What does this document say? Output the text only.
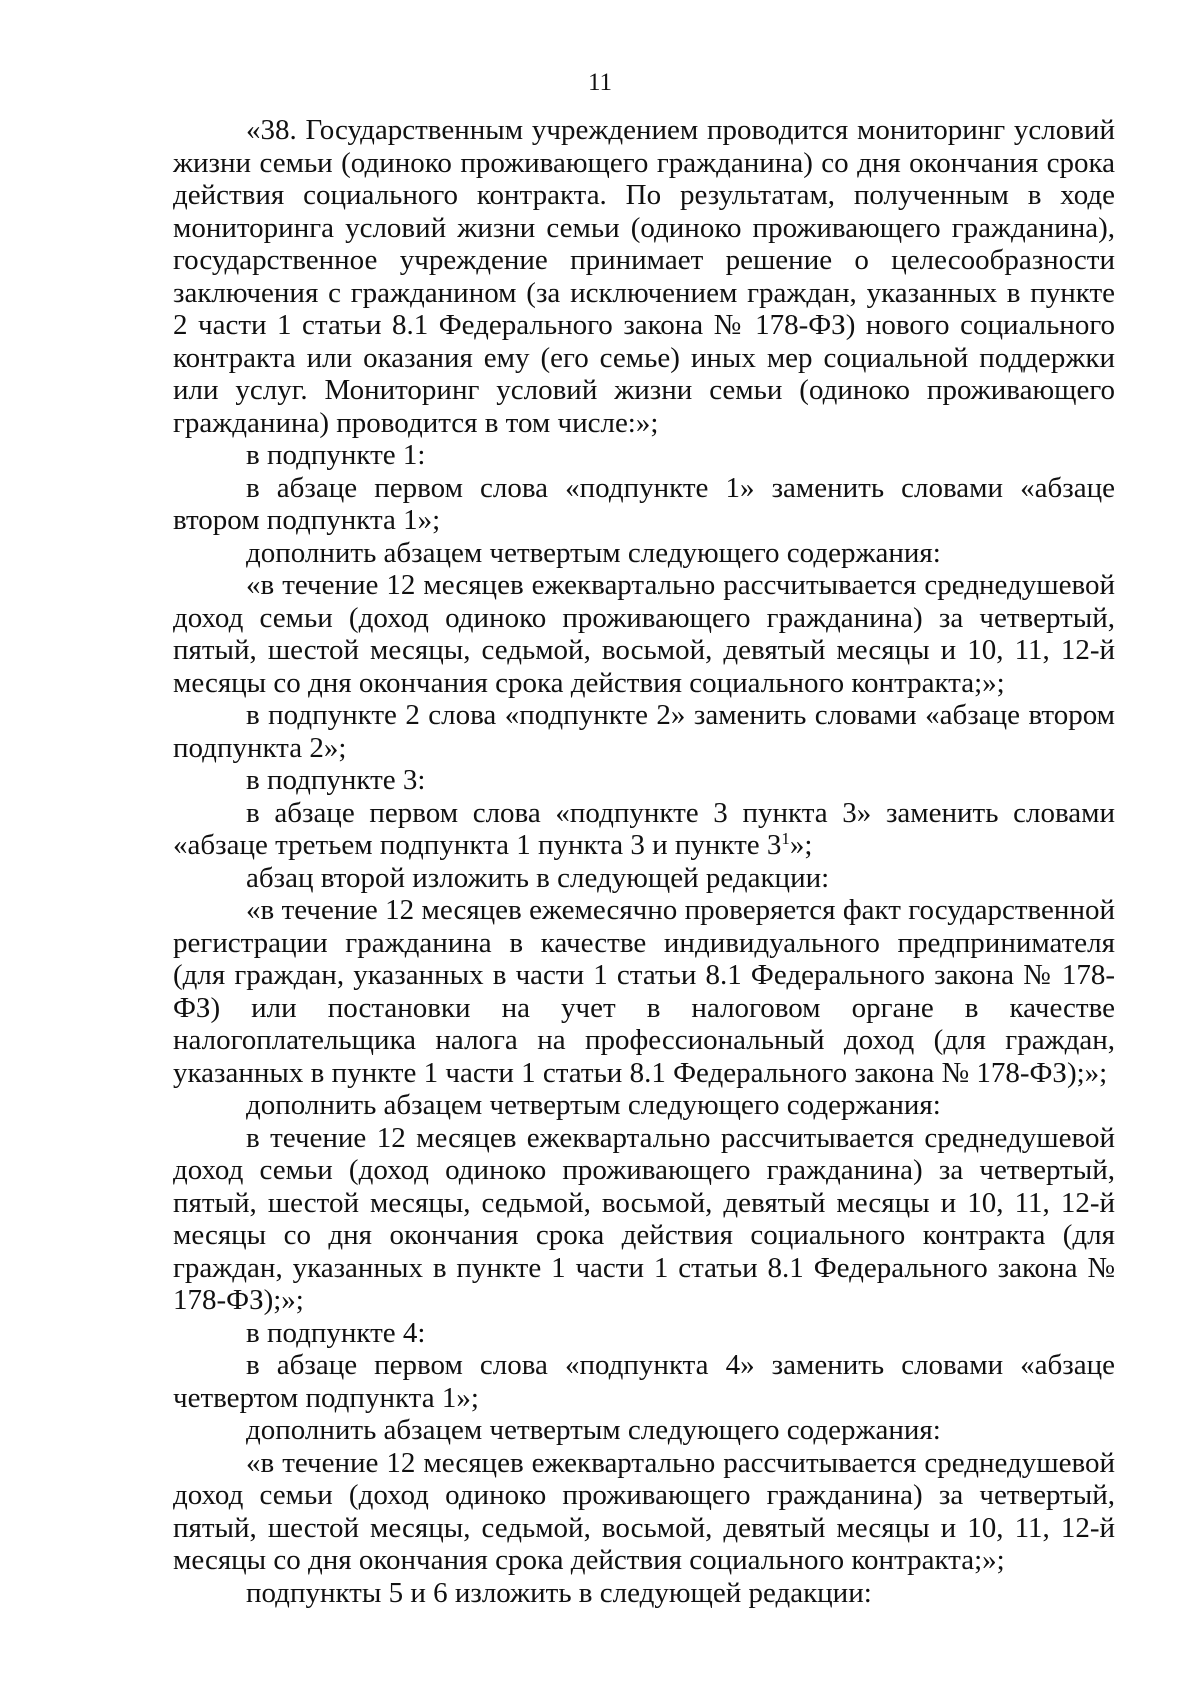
11

«38. Государственным учреждением проводится мониторинг условий жизни семьи (одиноко проживающего гражданина) со дня окончания срока действия социального контракта. По результатам, полученным в ходе мониторинга условий жизни семьи (одиноко проживающего гражданина), государственное учреждение принимает решение о целесообразности заключения с гражданином (за исключением граждан, указанных в пункте 2 части 1 статьи 8.1 Федерального закона № 178-ФЗ) нового социального контракта или оказания ему (его семье) иных мер социальной поддержки или услуг. Мониторинг условий жизни семьи (одиноко проживающего гражданина) проводится в том числе:»;

в подпункте 1:

в абзаце первом слова «подпункте 1» заменить словами «абзаце втором подпункта 1»;

дополнить абзацем четвертым следующего содержания:

«в течение 12 месяцев ежеквартально рассчитывается среднедушевой доход семьи (доход одиноко проживающего гражданина) за четвертый, пятый, шестой месяцы, седьмой, восьмой, девятый месяцы и 10, 11, 12-й месяцы со дня окончания срока действия социального контракта;»;

в подпункте 2 слова «подпункте 2» заменить словами «абзаце втором подпункта 2»;

в подпункте 3:

в абзаце первом слова «подпункте 3 пункта 3» заменить словами «абзаце третьем подпункта 1 пункта 3 и пункте $3^1$»;

абзац второй изложить в следующей редакции:

«в течение 12 месяцев ежемесячно проверяется факт государственной регистрации гражданина в качестве индивидуального предпринимателя (для граждан, указанных в части 1 статьи 8.1 Федерального закона № 178-ФЗ) или постановки на учет в налоговом органе в качестве налогоплательщика налога на профессиональный доход (для граждан, указанных в пункте 1 части 1 статьи 8.1 Федерального закона № 178-ФЗ);»;

дополнить абзацем четвертым следующего содержания:

в течение 12 месяцев ежеквартально рассчитывается среднедушевой доход семьи (доход одиноко проживающего гражданина) за четвертый, пятый, шестой месяцы, седьмой, восьмой, девятый месяцы и 10, 11, 12-й месяцы со дня окончания срока действия социального контракта (для граждан, указанных в пункте 1 части 1 статьи 8.1 Федерального закона № 178-ФЗ);»;

в подпункте 4:

в абзаце первом слова «подпункта 4» заменить словами «абзаце четвертом подпункта 1»;

дополнить абзацем четвертым следующего содержания:

«в течение 12 месяцев ежеквартально рассчитывается среднедушевой доход семьи (доход одиноко проживающего гражданина) за четвертый, пятый, шестой месяцы, седьмой, восьмой, девятый месяцы и 10, 11, 12-й месяцы со дня окончания срока действия социального контракта;»;

подпункты 5 и 6 изложить в следующей редакции:
